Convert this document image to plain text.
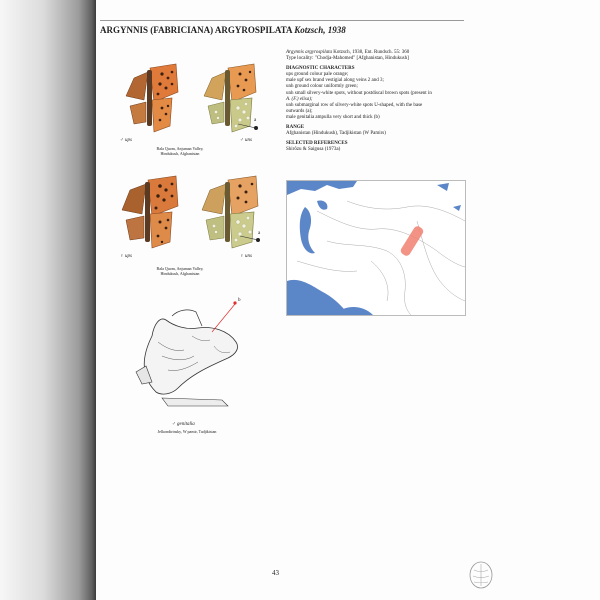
ARGYNNIS (FABRICIANA) ARGYROSPILATA Kotzsch, 1938
♂ ups	♂ uns
a
Bala Quom, Anjuman Valley,
Hindukush, Afghanistan
♀ ups	♀ uns
a
Bala Quom, Anjuman Valley,
Hindukush, Afghanistan
b
♂ genitalia
Jelkondirinsky, W pamir, Tadjikistan

Argynnis argyrospilata Kotzsch, 1938, Ent. Rundsch. 55: 360

Type locality: "Chodja-Mahomed" [Afghanistan, Hindukush]

DIAGNOSTIC CHARACTERS

ups ground colour pale orange;

male upf sex brand vestigial along veins 2 and 3;

unh ground colour uniformly green;

unh small silvery-white spots, without postdiscal brown spots (present in

A. (F.) elisa);

unh submarginal row of silvery-white spots U-shaped, with the base

outwards (a);

male genitalia ampulla very short and thick (b)

RANGE

Afghanistan (Hindukush), Tadjikistan (W Pamirs)

SELECTED REFERENCES

Shirôzu & Saigusa (1973a)

43
